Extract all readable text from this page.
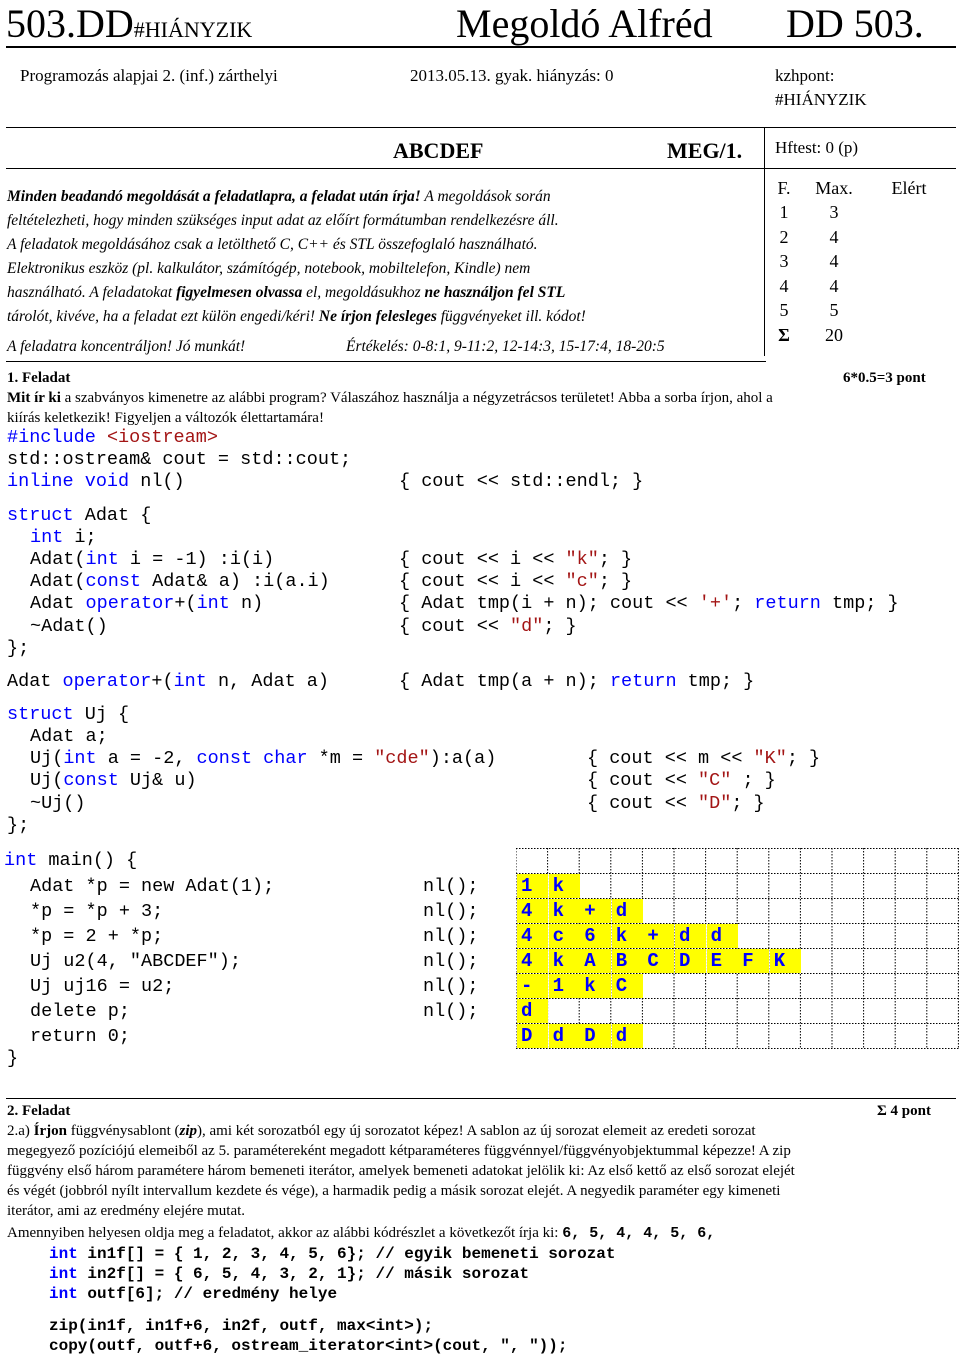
503.DD#HIÁNYZIK	Megoldó Alfréd DD 503.
Programozás alapjai 2. (inf.) zárthelyi	2013.05.13. gyak. hiányzás: 0	kzhpont:
#HIÁNYZIK
ABCDEF	MEG/1. Hftest: 0 (p)
Minden beadandó megoldását a feladatlapra, a feladat után írja! A megoldások során
feltételezheti, hogy minden szükséges input adat az előírt formátumban rendelkezésre áll.
A feladatok megoldásához csak a letölthető C, C++ és STL összefoglaló használható.
Elektronikus eszköz (pl. kalkulátor, számítógép, notebook, mobiltelefon, Kindle) nem
használható. A feladatokat figyelmesen olvassa el, megoldásukhoz ne használjon fel STL
tárolót, kivéve, ha a feladat ezt külön engedi/kéri! Ne írjon felesleges függvényeket ill. kódot!
A feladatra koncentráljon! Jó munkát!	Értékelés: 0-8:1, 9-11:2, 12-14:3, 15-17:4, 18-20:5
F.	Max.	Elért
1	3	
2	4	
3	4	
4	4	
5	5	
Σ	20	
1. Feladat	6*0.5=3 pont
Mit ír ki a szabványos kimenetre az alábbi program? Válaszához használja a négyzetrácsos területet! Abba a sorba írjon, ahol a
kiírás keletkezik! Figyeljen a változók élettartamára!
#include <iostream>
std::ostream& cout = std::cout;
inline void nl()	{ cout << std::endl; }
struct Adat {
int i;
Adat(int i = -1) :i(i)	{ cout << i << "k"; }
Adat(const Adat& a) :i(a.i)	{ cout << i << "c"; }
Adat operator+(int n)	{ Adat tmp(i + n); cout << '+'; return tmp; }
~Adat()	{ cout << "d"; }
};
Adat operator+(int n, Adat a)	{ Adat tmp(a + n); return tmp; }
struct Uj {
Adat a;
Uj(int a = -2, const char *m = "cde"):a(a)	{ cout << m << "K"; }
Uj(const Uj& u)	{ cout << "C" ; }
~Uj()	{ cout << "D"; }
};
int main() {
Adat *p = new Adat(1);
*p = *p + 3;
*p = 2 + *p;
Uj u2(4, "ABCDEF");
Uj uj16 = u2;
delete p;
return 0;
}
nl();
nl();
nl();
nl();
nl();
nl();
1	k
4	k	+	d
4	c	6	k	+	d	d
4	k	A	B	C	D	E	F	K
-	1	k	C
d
D	d	D	d
2. Feladat	Σ 4 pont
2.a) Írjon függvénysablont (zip), ami két sorozatból egy új sorozatot képez! A sablon az új sorozat elemeit az eredeti sorozat
megegyező pozíciójú elemeiből az 5. paramétereként megadott kétparaméteres függvénnyel/függvényobjektummal képezze! A zip
függvény első három paramétere három bemeneti iterátor, amelyek bemeneti adatokat jelölik ki: Az első kettő az első sorozat elejét
és végét (jobbról nyílt intervallum kezdete és vége), a harmadik pedig a másik sorozat elejét. A negyedik paraméter egy kimeneti
iterátor, ami az eredmény elejére mutat.
Amennyiben helyesen oldja meg a feladatot, akkor az alábbi kódrészlet a következőt írja ki: 6, 5, 4, 4, 5, 6,
int in1f[] = { 1, 2, 3, 4, 5, 6}; // egyik bemeneti sorozat
int in2f[] = { 6, 5, 4, 3, 2, 1}; // másik sorozat
int outf[6]; // eredmény helye
zip(in1f, in1f+6, in2f, outf, max<int>);
copy(outf, outf+6, ostream_iterator<int>(cout, ", "));
